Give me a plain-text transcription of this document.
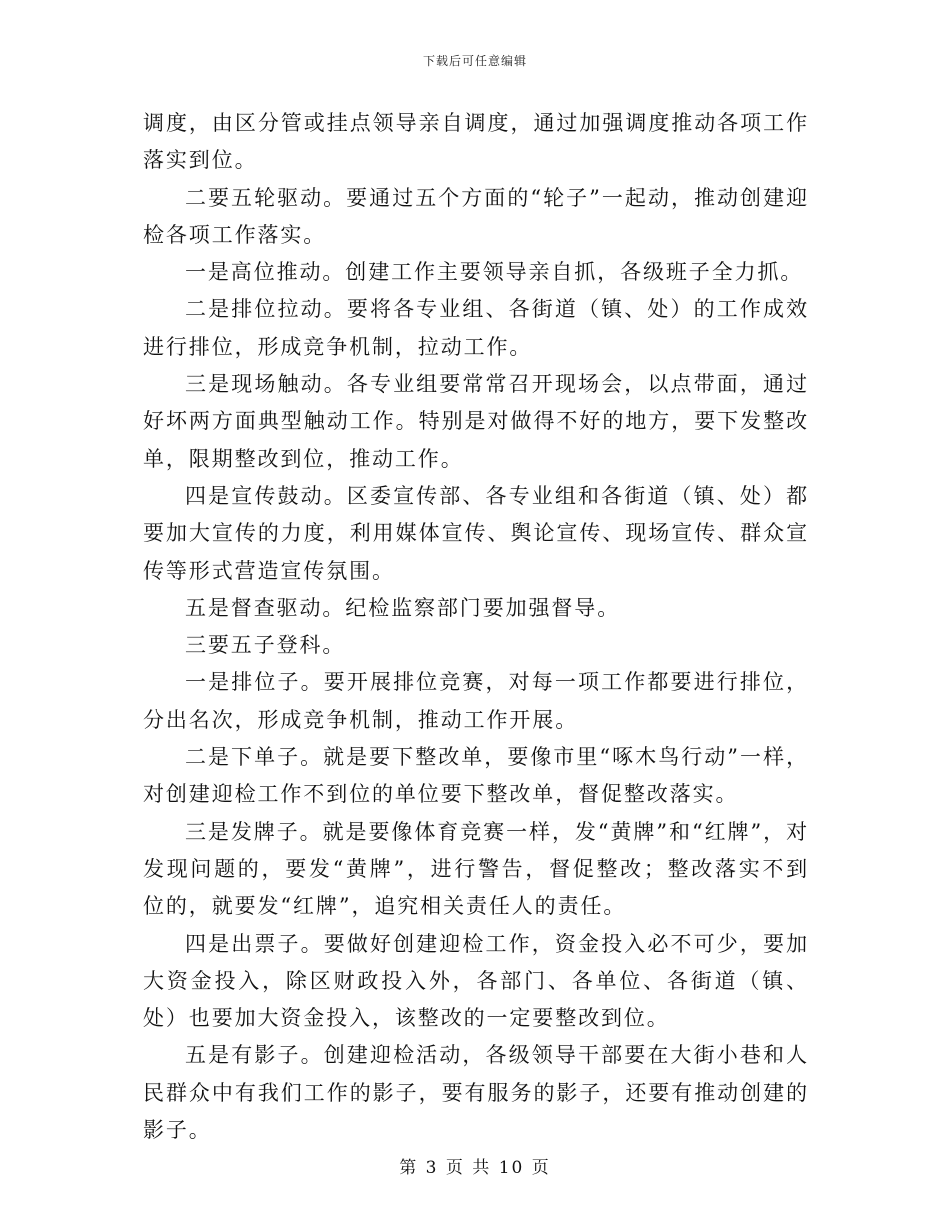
下载后可任意编辑

调度，由区分管或挂点领导亲自调度，通过加强调度推动各项工作落实到位。

二要五轮驱动。要通过五个方面的“轮子”一起动，推动创建迎检各项工作落实。

一是高位推动。创建工作主要领导亲自抓，各级班子全力抓。

二是排位拉动。要将各专业组、各街道（镇、处）的工作成效进行排位，形成竞争机制，拉动工作。

三是现场触动。各专业组要常常召开现场会，以点带面，通过好坏两方面典型触动工作。特别是对做得不好的地方，要下发整改单，限期整改到位，推动工作。

四是宣传鼓动。区委宣传部、各专业组和各街道（镇、处）都要加大宣传的力度，利用媒体宣传、舆论宣传、现场宣传、群众宣传等形式营造宣传氛围。

五是督查驱动。纪检监察部门要加强督导。

三要五子登科。

一是排位子。要开展排位竞赛，对每一项工作都要进行排位，分出名次，形成竞争机制，推动工作开展。

二是下单子。就是要下整改单，要像市里“啄木鸟行动”一样，对创建迎检工作不到位的单位要下整改单，督促整改落实。

三是发牌子。就是要像体育竞赛一样，发“黄牌”和“红牌”，对发现问题的，要发“黄牌”，进行警告，督促整改；整改落实不到位的，就要发“红牌”，追究相关责任人的责任。

四是出票子。要做好创建迎检工作，资金投入必不可少，要加大资金投入，除区财政投入外，各部门、各单位、各街道（镇、处）也要加大资金投入，该整改的一定要整改到位。

五是有影子。创建迎检活动，各级领导干部要在大街小巷和人民群众中有我们工作的影子，要有服务的影子，还要有推动创建的影子。

第 3 页 共 10 页
